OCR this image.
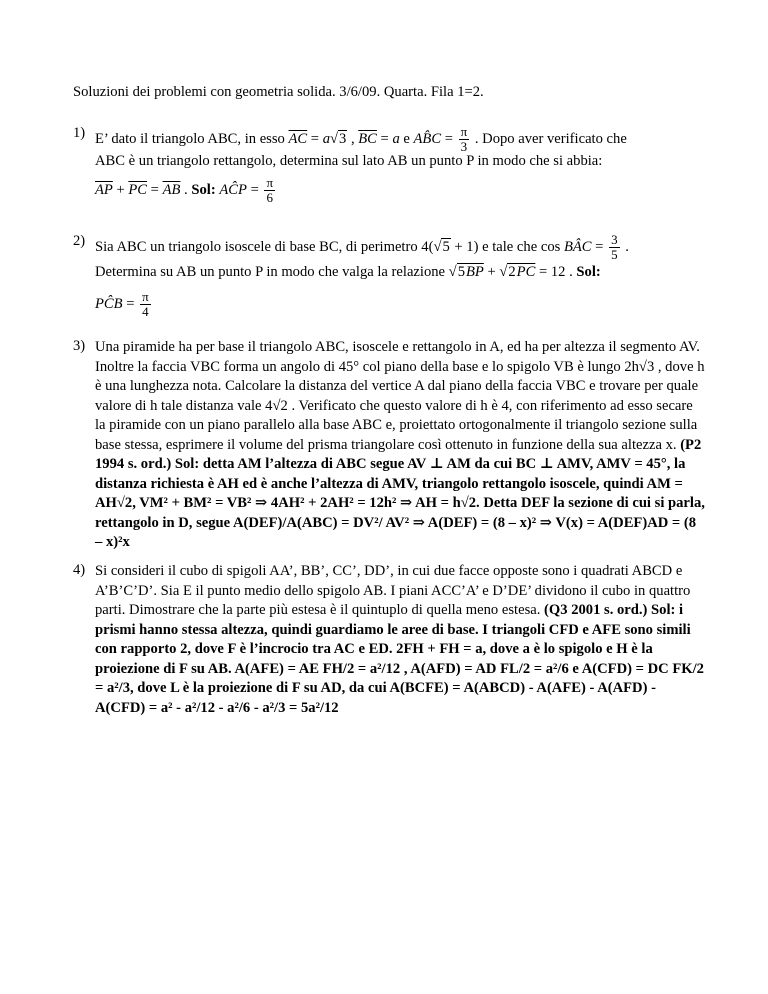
Soluzioni dei problemi con geometria solida. 3/6/09. Quarta. Fila 1=2.
1) E’ dato il triangolo ABC, in esso $\overline{AC} = a√3$ , $\overline{BC} = a$ e AB̂C = $\frac{\pi}{3}$ . Dopo aver verificato che
ABC è un triangolo rettangolo, determina sul lato AB un punto P in modo che si abbia:
$\overline{AP} + \overline{PC} = \overline{AB}$ . Sol: AĈP = $\frac{\pi}{6}$
2) Sia ABC un triangolo isoscele di base BC, di perimetro 4(√5 + 1) e tale che cos BÂC = $\frac{3}{5}$ .
Determina su AB un punto P in modo che valga la relazione $√5\overline{BP} + √2\overline{PC} = 12$ . Sol:
PĈB = $\frac{\pi}{4}$
3) Una piramide ha per base il triangolo ABC, isoscele e rettangolo in A, ed ha per altezza il segmento AV. Inoltre la faccia VBC forma un angolo di 45° col piano della base e lo spigolo VB è lungo 2h√3 , dove h è una lunghezza nota. Calcolare la distanza del vertice A dal piano della faccia VBC e trovare per quale valore di h tale distanza vale 4√2 . Verificato che questo valore di h è 4, con riferimento ad esso secare la piramide con un piano parallelo alla base ABC e, proiettato ortogonalmente il triangolo sezione sulla base stessa, esprimere il volume del prisma triangolare così ottenuto in funzione della sua altezza x. (P2 1994 s. ord.) Sol: detta AM l’altezza di ABC segue AV ⊥ AM da cui BC ⊥ AMV, AMV = 45°, la distanza richiesta è AH ed è anche l’altezza di AMV, triangolo rettangolo isoscele, quindi AM = AH√2, VM² + BM² = VB² ⇒ 4AH² + 2AH² = 12h² ⇒ AH = h√2. Detta DEF la sezione di cui si parla, rettangolo in D, segue A(DEF)/A(ABC) = DV²/ AV² ⇒ A(DEF) = (8 – x)² ⇒ V(x) = A(DEF)AD = (8 – x)²x
4) Si consideri il cubo di spigoli AA’, BB’, CC’, DD’, in cui due facce opposte sono i quadrati ABCD e A’B’C’D’. Sia E il punto medio dello spigolo AB. I piani ACC’A’ e D’DE’ dividono il cubo in quattro parti. Dimostrare che la parte più estesa è il quintuplo di quella meno estesa. (Q3 2001 s. ord.) Sol: i prismi hanno stessa altezza, quindi guardiamo le aree di base. I triangoli CFD e AFE sono simili con rapporto 2, dove F è l’incrocio tra AC e ED. 2FH + FH = a, dove a è lo spigolo e H è la proiezione di F su AB. A(AFE) = AE FH/2 = a²/12 , A(AFD) = AD FL/2 = a²/6 e A(CFD) = DC FK/2 = a²/3, dove L è la proiezione di F su AD, da cui A(BCFE) = A(ABCD) - A(AFE) - A(AFD) - A(CFD) = a² - a²/12 - a²/6 - a²/3 = 5a²/12
